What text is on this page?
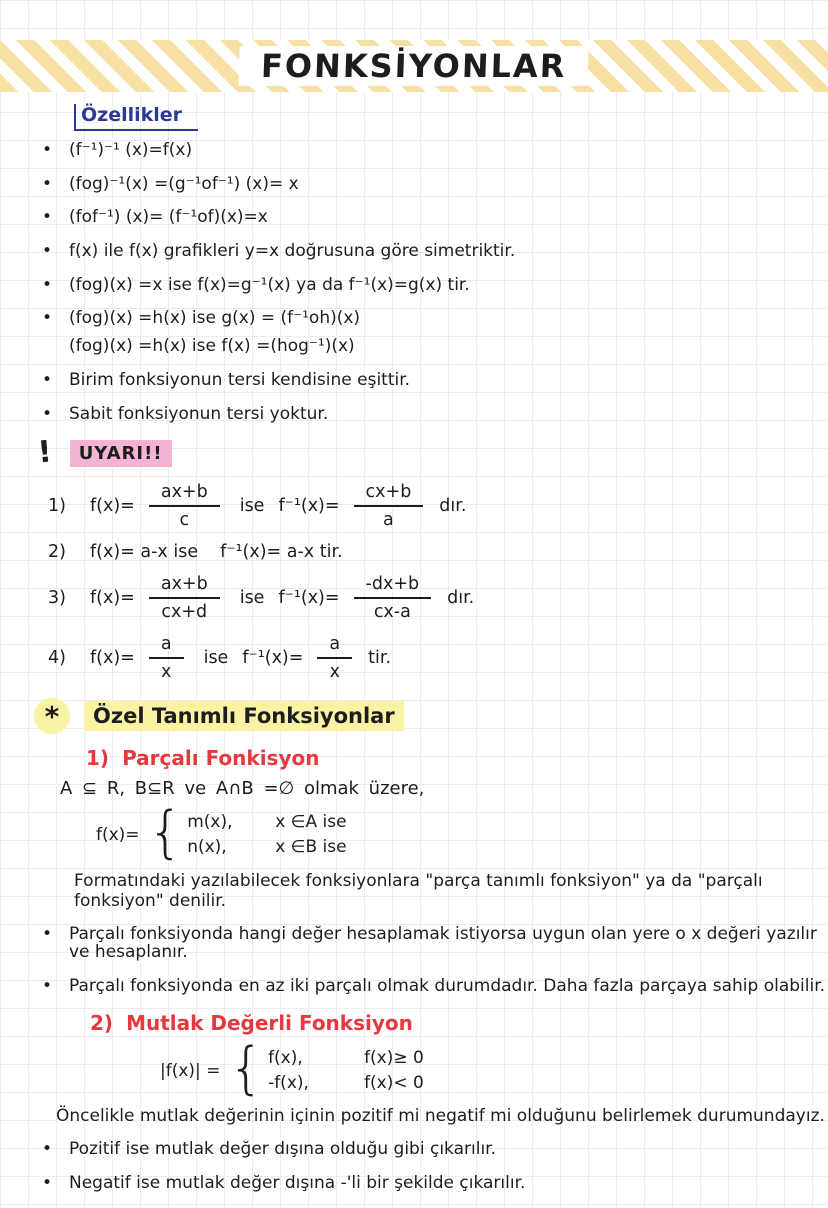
FONKSİYONLAR
Özellikler
• (f⁻¹)⁻¹ (x)=f(x)
• (fog)⁻¹(x) =(g⁻¹of⁻¹) (x)= x
• (fof⁻¹) (x)= (f⁻¹of)(x)=x
• f(x) ile f(x) grafikleri y=x doğrusuna göre simetriktir.
• (fog)(x) =x ise f(x)=g⁻¹(x) ya da f⁻¹(x)=g(x) tir.
• (fog)(x) =h(x) ise g(x) = (f⁻¹oh)(x)
(fog)(x) =h(x) ise f(x) =(hog⁻¹)(x)
• Birim fonksiyonun tersi kendisine eşittir.
• Sabit fonksiyonun tersi yoktur.
!	UYARI!!
1)	$f(x)= \frac{ax+b}{c}$ ise $f^{-1}(x)= \frac{cx+b}{a}$ dır.
2)	f(x)= a-x ise f⁻¹(x)= a-x tir.
3)	$f(x)= \frac{ax+b}{cx+d}$ ise $f^{-1}(x)= \frac{-dx+b}{cx-a}$ dır.
4)	$f(x)= \frac{a}{x}$ ise $f^{-1}(x)= \frac{a}{x}$ tir.
*	Özel Tanımlı Fonksiyonlar
1) Parçalı Fonkisyon
A ⊆ R, B⊆R ve A∩B =∅ olmak üzere,
f(x)= { m(x),	x ∈A ise
n(x),	x ∈B ise
Formatındaki yazılabilecek fonksiyonlara "parça tanımlı fonksiyon" ya da "parçalı fonksiyon" denilir.
• Parçalı fonksiyonda hangi değer hesaplamak istiyorsa uygun olan yere o x değeri yazılır ve hesaplanır.
• Parçalı fonksiyonda en az iki parçalı olmak durumdadır. Daha fazla parçaya sahip olabilir.
2) Mutlak Değerli Fonksiyon
|f(x)| = { f(x),	f(x)≥ 0
-f(x),	f(x)< 0
Öncelikle mutlak değerinin içinin pozitif mi negatif mi olduğunu belirlemek durumundayız.
• Pozitif ise mutlak değer dışına olduğu gibi çıkarılır.
• Negatif ise mutlak değer dışına -'li bir şekilde çıkarılır.
